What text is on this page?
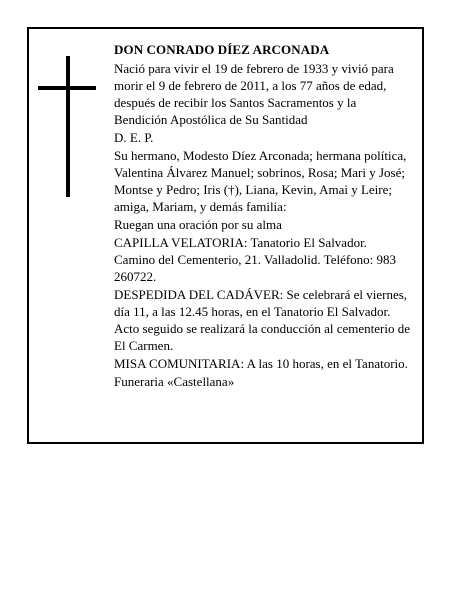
DON CONRADO DÍEZ ARCONADA

Nació para vivir el 19 de febrero de 1933 y vivió para morir el 9 de febrero de 2011, a los 77 años de edad, después de recibir los Santos Sacramentos y la Bendición Apostólica de Su Santidad

D. E. P.

Su hermano, Modesto Díez Arconada; hermana política, Valentina Álvarez Manuel; sobrinos, Rosa; Mari y José; Montse y Pedro; Iris (†), Liana, Kevin, Amai y Leire; amiga, Mariam, y demás familia:

Ruegan una oración por su alma

CAPILLA VELATORIA: Tanatorio El Salvador. Camino del Cementerio, 21. Valladolid. Teléfono: 983 260722.

DESPEDIDA DEL CADÁVER: Se celebrará el viernes, día 11, a las 12.45 horas, en el Tanatorio El Salvador. Acto seguido se realizará la conducción al cementerio de El Carmen.

MISA COMUNITARIA: A las 10 horas, en el Tanatorio.

Funeraria «Castellana»
